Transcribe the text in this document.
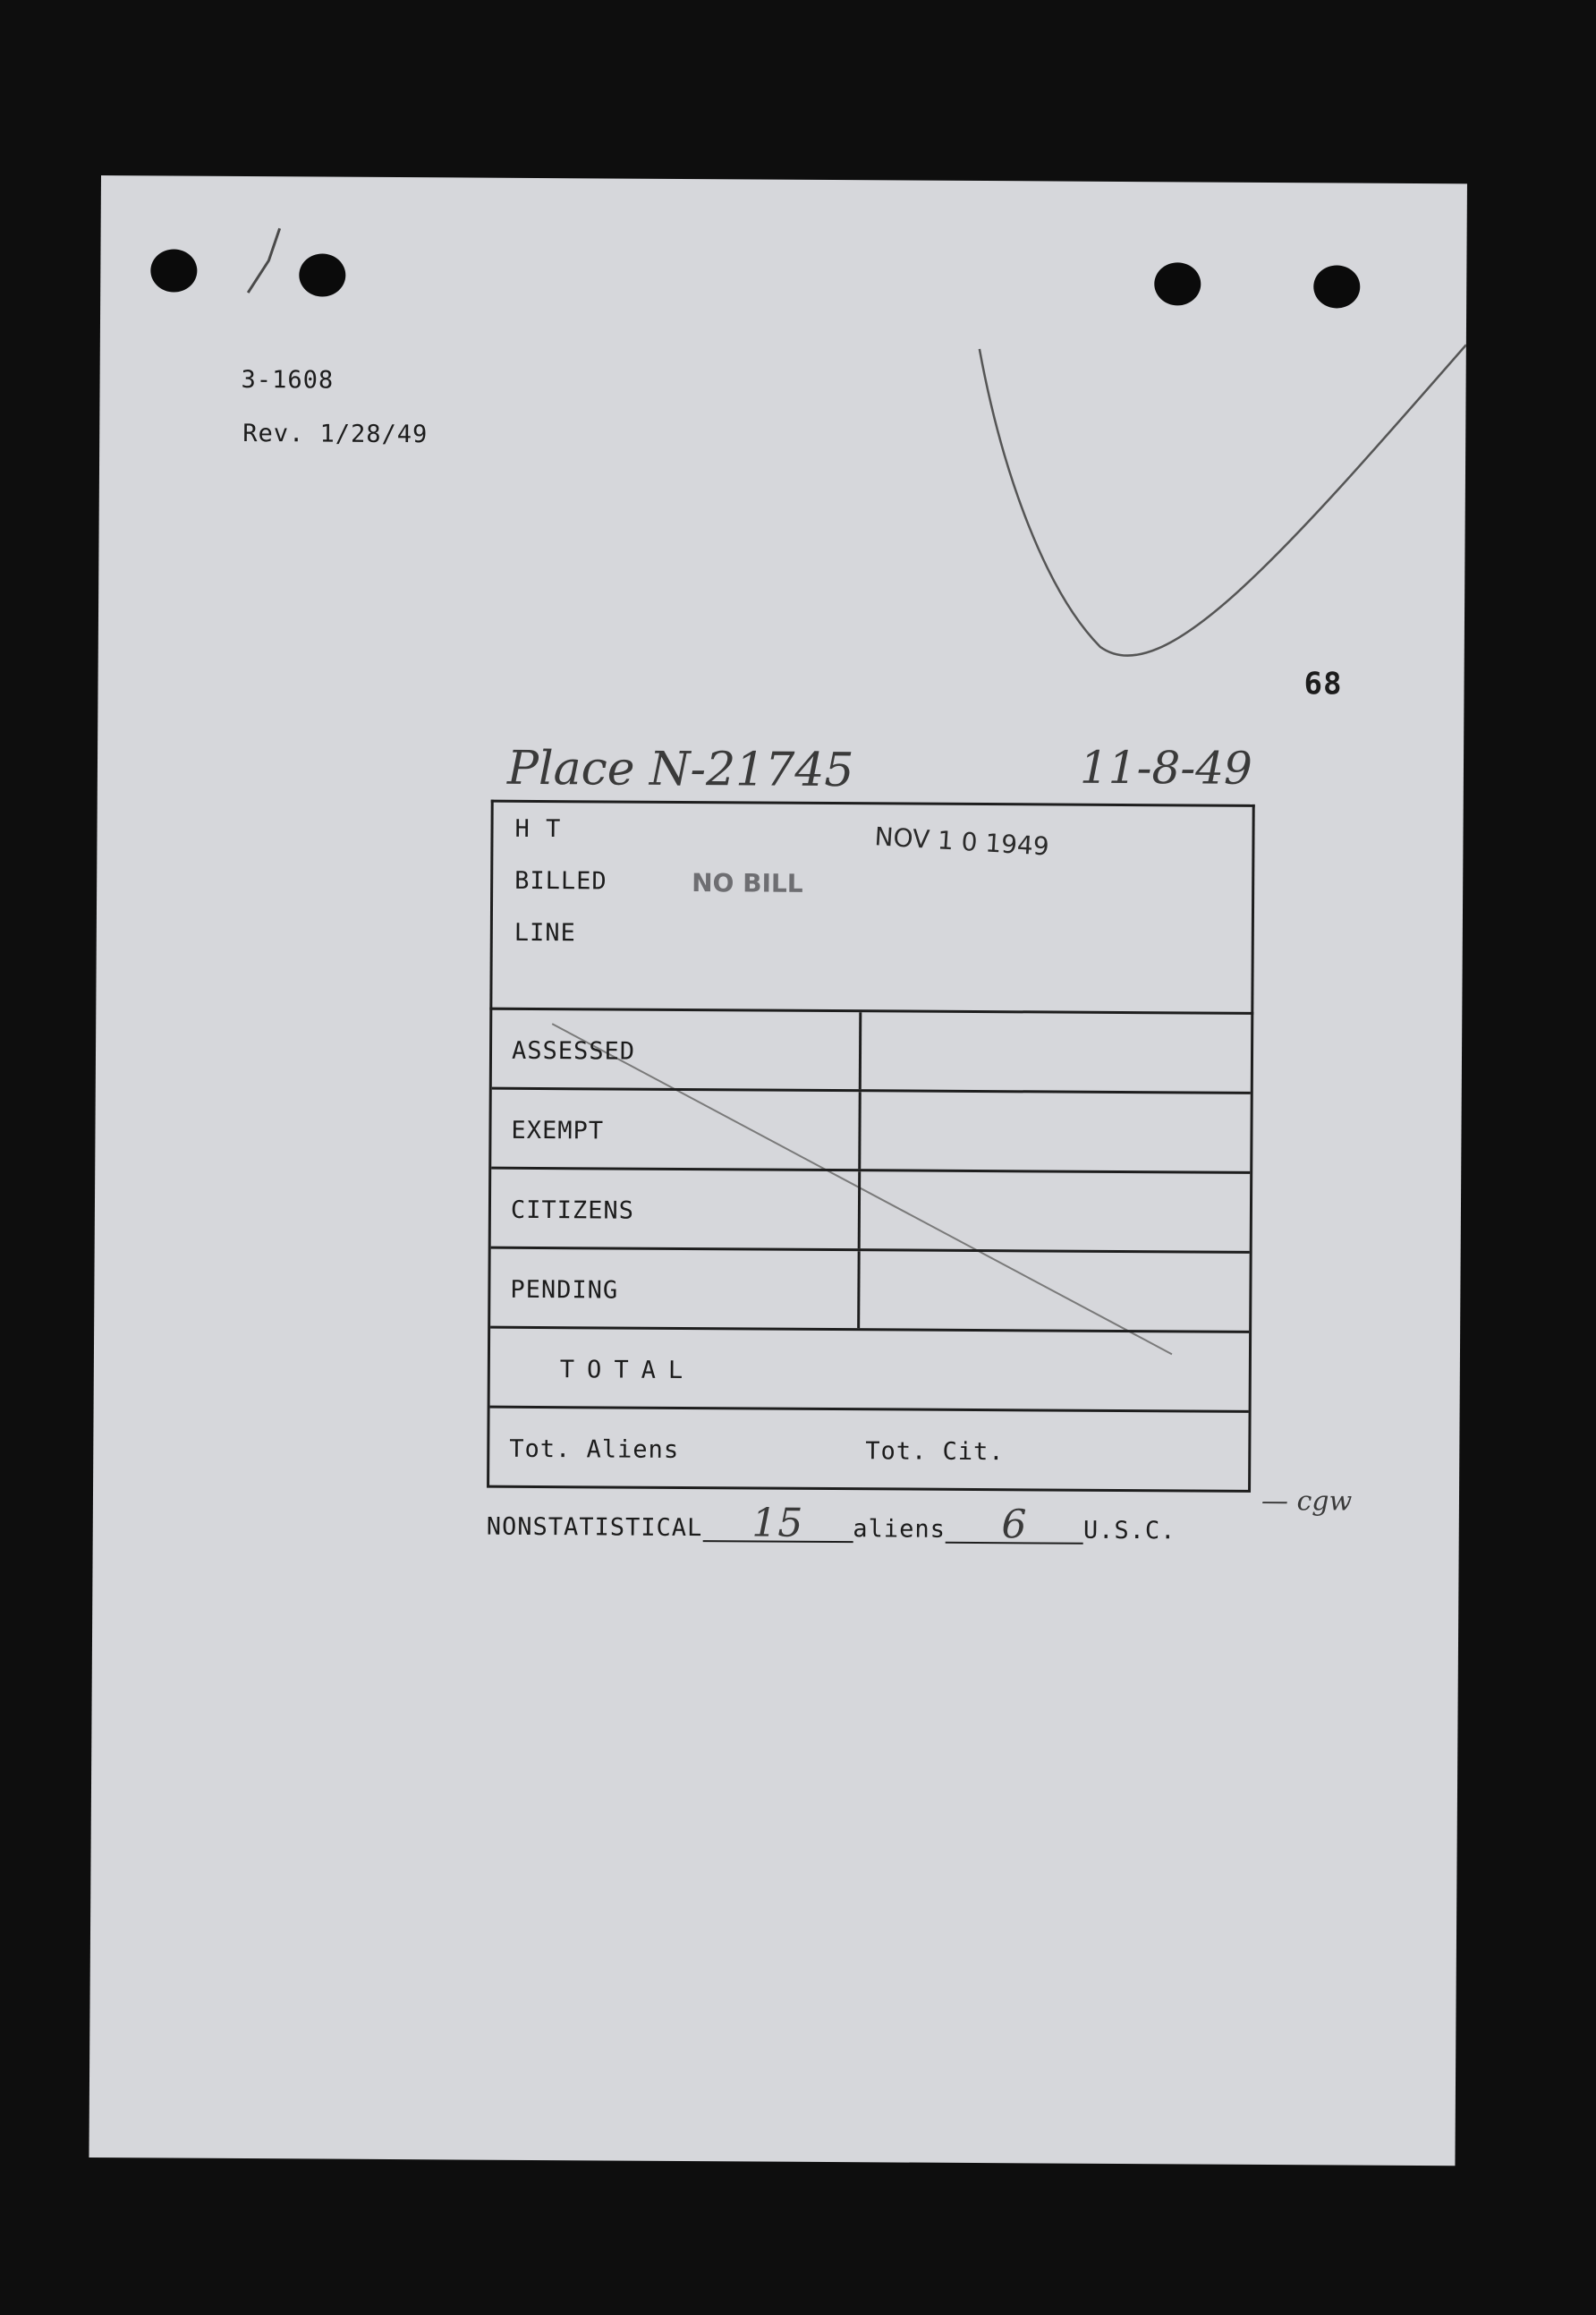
3-1608
Rev. 1/28/49
68
Place N-21745	11-8-49
H T
BILLED
LINE
NOV 1 0 1949
NO BILL
ASSESSED
EXEMPT
CITIZENS
PENDING
TOTAL
Tot. Aliens	Tot. Cit.
NONSTATISTICAL 15 aliens 6 U.S.C.
— cgw
